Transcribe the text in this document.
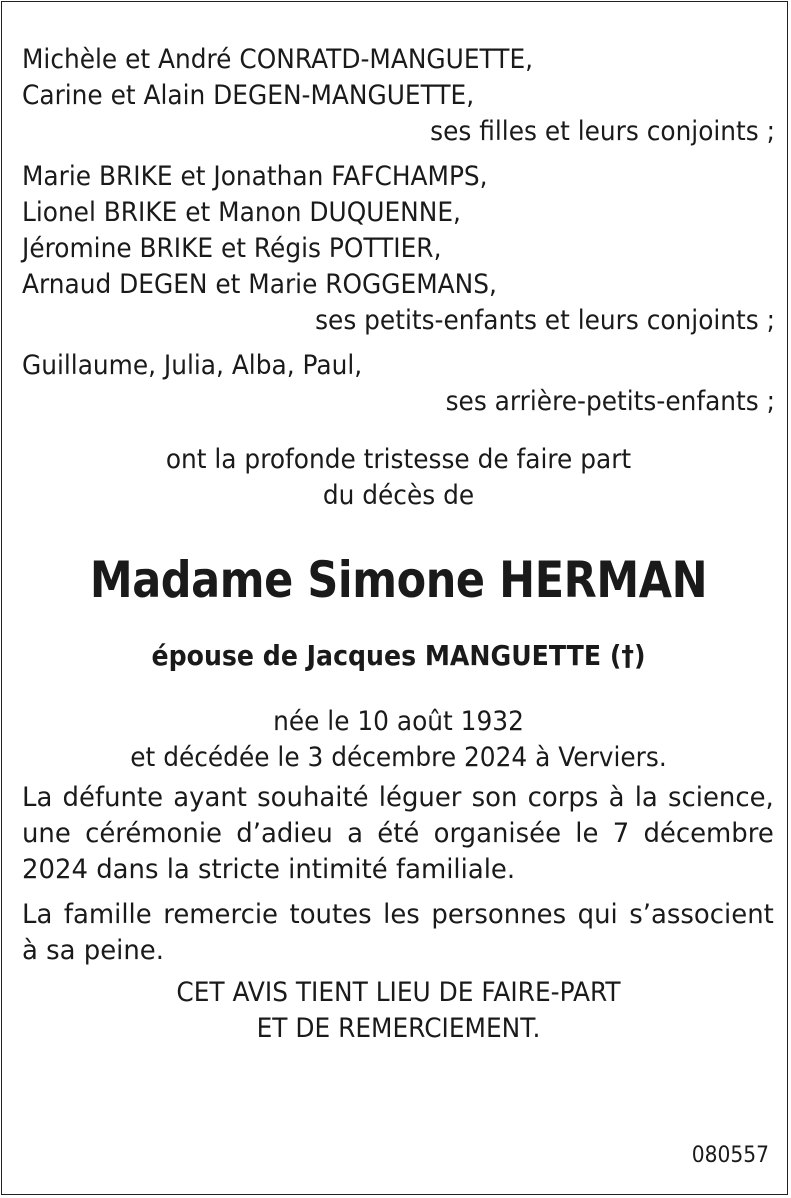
Michèle et André CONRATD-MANGUETTE,
Carine et Alain DEGEN-MANGUETTE,
ses filles et leurs conjoints ;
Marie BRIKE et Jonathan FAFCHAMPS,
Lionel BRIKE et Manon DUQUENNE,
Jéromine BRIKE et Régis POTTIER,
Arnaud DEGEN et Marie ROGGEMANS,
ses petits-enfants et leurs conjoints ;
Guillaume, Julia, Alba, Paul,
ses arrière-petits-enfants ;
ont la profonde tristesse de faire part
du décès de
Madame Simone HERMAN
épouse de Jacques MANGUETTE (†)
née le 10 août 1932
et décédée le 3 décembre 2024 à Verviers.
La défunte ayant souhaité léguer son corps à la science, une cérémonie d’adieu a été organisée le 7 décembre 2024 dans la stricte intimité familiale.
La famille remercie toutes les personnes qui s’associent à sa peine.
CET AVIS TIENT LIEU DE FAIRE-PART
ET DE REMERCIEMENT.
080557
